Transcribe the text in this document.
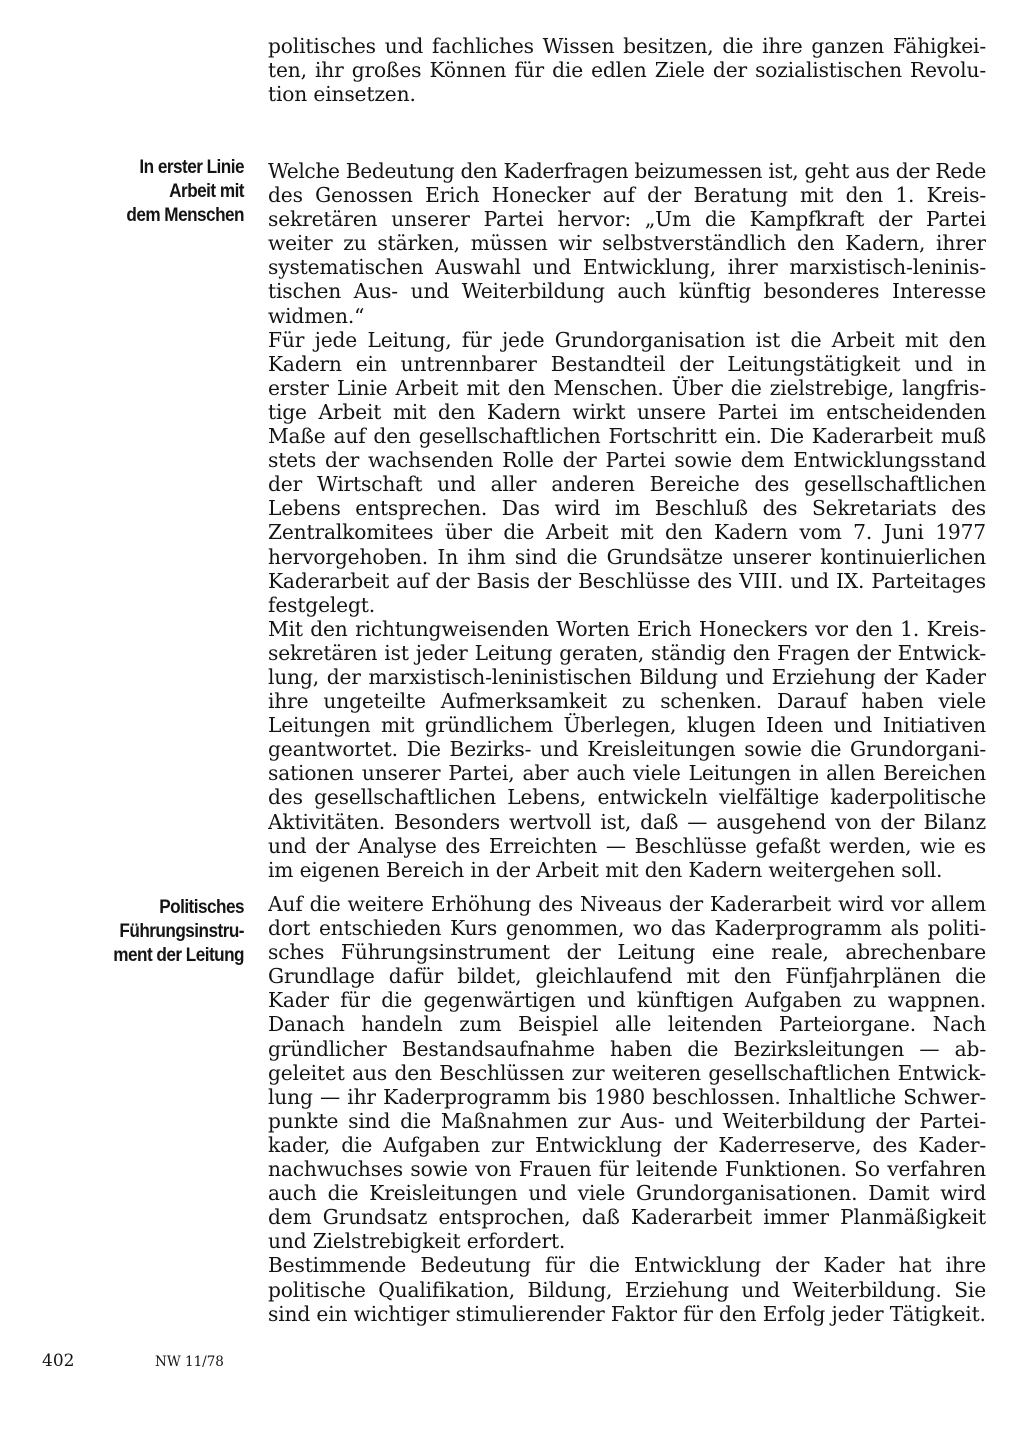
politisches und fachliches Wissen besitzen, die ihre ganzen Fähigkei-
ten, ihr großes Können für die edlen Ziele der sozialistischen Revolu-
tion einsetzen.
In erster Linie
Arbeit mit
dem Menschen
Welche Bedeutung den Kaderfragen beizumessen ist, geht aus der Rede
des Genossen Erich Honecker auf der Beratung mit den 1. Kreis-
sekretären unserer Partei hervor: „Um die Kampfkraft der Partei
weiter zu stärken, müssen wir selbstverständlich den Kadern, ihrer
systematischen Auswahl und Entwicklung, ihrer marxistisch-leninis-
tischen Aus- und Weiterbildung auch künftig besonderes Interesse
widmen.“
Für jede Leitung, für jede Grundorganisation ist die Arbeit mit den
Kadern ein untrennbarer Bestandteil der Leitungstätigkeit und in
erster Linie Arbeit mit den Menschen. Über die zielstrebige, langfris-
tige Arbeit mit den Kadern wirkt unsere Partei im entscheidenden
Maße auf den gesellschaftlichen Fortschritt ein. Die Kaderarbeit muß
stets der wachsenden Rolle der Partei sowie dem Entwicklungsstand
der Wirtschaft und aller anderen Bereiche des gesellschaftlichen
Lebens entsprechen. Das wird im Beschluß des Sekretariats des
Zentralkomitees über die Arbeit mit den Kadern vom 7. Juni 1977
hervorgehoben. In ihm sind die Grundsätze unserer kontinuierlichen
Kaderarbeit auf der Basis der Beschlüsse des VIII. und IX. Parteitages
festgelegt.
Mit den richtungweisenden Worten Erich Honeckers vor den 1. Kreis-
sekretären ist jeder Leitung geraten, ständig den Fragen der Entwick-
lung, der marxistisch-leninistischen Bildung und Erziehung der Kader
ihre ungeteilte Aufmerksamkeit zu schenken. Darauf haben viele
Leitungen mit gründlichem Überlegen, klugen Ideen und Initiativen
geantwortet. Die Bezirks- und Kreisleitungen sowie die Grundorgani-
sationen unserer Partei, aber auch viele Leitungen in allen Bereichen
des gesellschaftlichen Lebens, entwickeln vielfältige kaderpolitische
Aktivitäten. Besonders wertvoll ist, daß — ausgehend von der Bilanz
und der Analyse des Erreichten — Beschlüsse gefaßt werden, wie es
im eigenen Bereich in der Arbeit mit den Kadern weitergehen soll.
Politisches
Führungsinstru-
ment der Leitung
Auf die weitere Erhöhung des Niveaus der Kaderarbeit wird vor allem
dort entschieden Kurs genommen, wo das Kaderprogramm als politi-
sches Führungsinstrument der Leitung eine reale, abrechenbare
Grundlage dafür bildet, gleichlaufend mit den Fünfjahrplänen die
Kader für die gegenwärtigen und künftigen Aufgaben zu wappnen.
Danach handeln zum Beispiel alle leitenden Parteiorgane. Nach
gründlicher Bestandsaufnahme haben die Bezirksleitungen — ab-
geleitet aus den Beschlüssen zur weiteren gesellschaftlichen Entwick-
lung — ihr Kaderprogramm bis 1980 beschlossen. Inhaltliche Schwer-
punkte sind die Maßnahmen zur Aus- und Weiterbildung der Partei-
kader, die Aufgaben zur Entwicklung der Kaderreserve, des Kader-
nachwuchses sowie von Frauen für leitende Funktionen. So verfahren
auch die Kreisleitungen und viele Grundorganisationen. Damit wird
dem Grundsatz entsprochen, daß Kaderarbeit immer Planmäßigkeit
und Zielstrebigkeit erfordert.
Bestimmende Bedeutung für die Entwicklung der Kader hat ihre
politische Qualifikation, Bildung, Erziehung und Weiterbildung. Sie
sind ein wichtiger stimulierender Faktor für den Erfolg jeder Tätigkeit.
402	NW 11/78
